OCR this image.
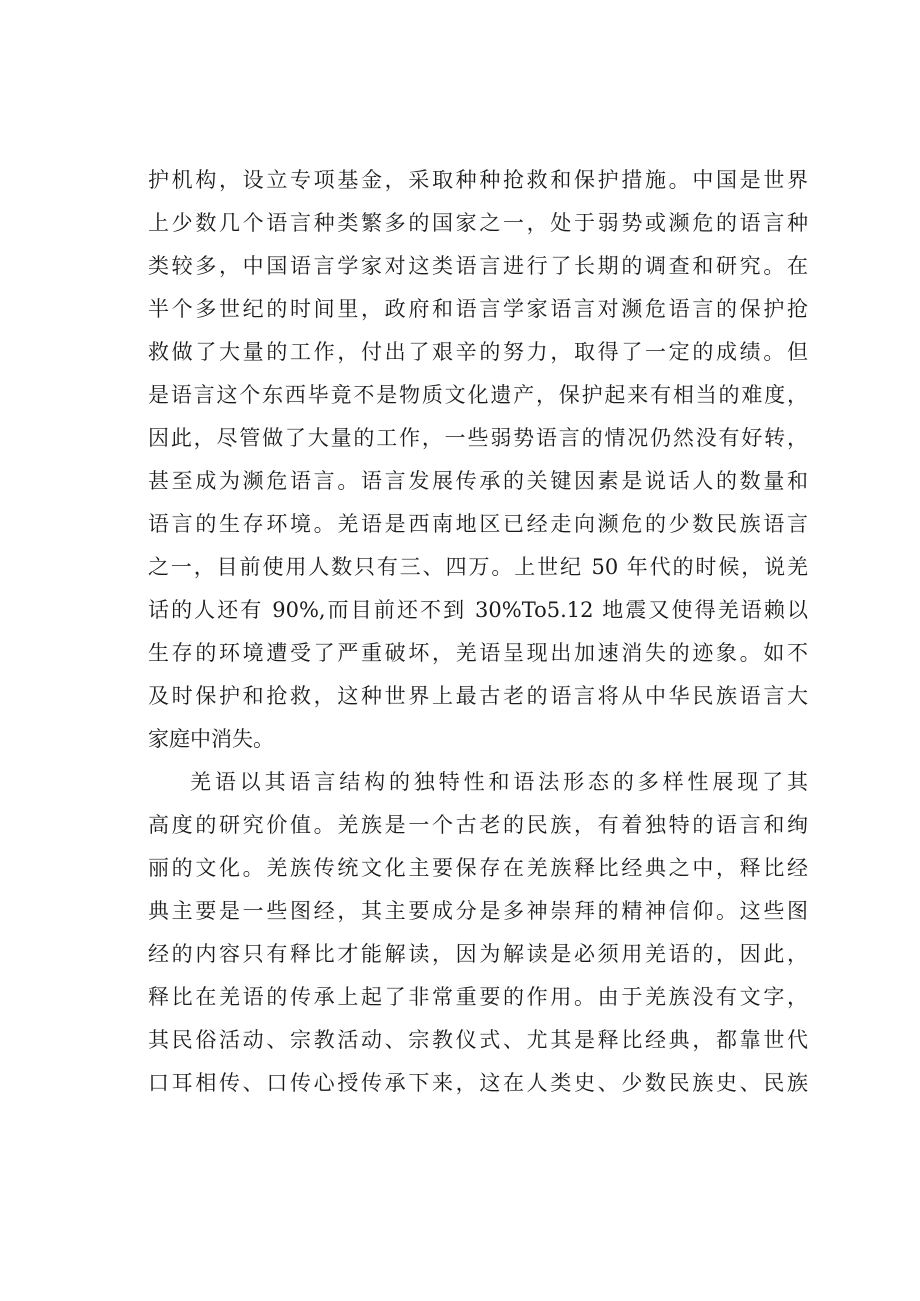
护机构，设立专项基金，采取种种抢救和保护措施。中国是世界

上少数几个语言种类繁多的国家之一，处于弱势或濒危的语言种

类较多，中国语言学家对这类语言进行了长期的调查和研究。在

半个多世纪的时间里，政府和语言学家语言对濒危语言的保护抢

救做了大量的工作，付出了艰辛的努力，取得了一定的成绩。但

是语言这个东西毕竟不是物质文化遗产，保护起来有相当的难度，

因此，尽管做了大量的工作，一些弱势语言的情况仍然没有好转，

甚至成为濒危语言。语言发展传承的关键因素是说话人的数量和

语言的生存环境。羌语是西南地区已经走向濒危的少数民族语言

之一，目前使用人数只有三、四万。上世纪 50 年代的时候，说羌

话的人还有 90%,而目前还不到 30%To5.12 地震又使得羌语赖以

生存的环境遭受了严重破坏，羌语呈现出加速消失的迹象。如不

及时保护和抢救，这种世界上最古老的语言将从中华民族语言大

家庭中消失。

羌语以其语言结构的独特性和语法形态的多样性展现了其

高度的研究价值。羌族是一个古老的民族，有着独特的语言和绚

丽的文化。羌族传统文化主要保存在羌族释比经典之中，释比经

典主要是一些图经，其主要成分是多神崇拜的精神信仰。这些图

经的内容只有释比才能解读，因为解读是必须用羌语的，因此，

释比在羌语的传承上起了非常重要的作用。由于羌族没有文字，

其民俗活动、宗教活动、宗教仪式、尤其是释比经典，都靠世代

口耳相传、口传心授传承下来，这在人类史、少数民族史、民族
